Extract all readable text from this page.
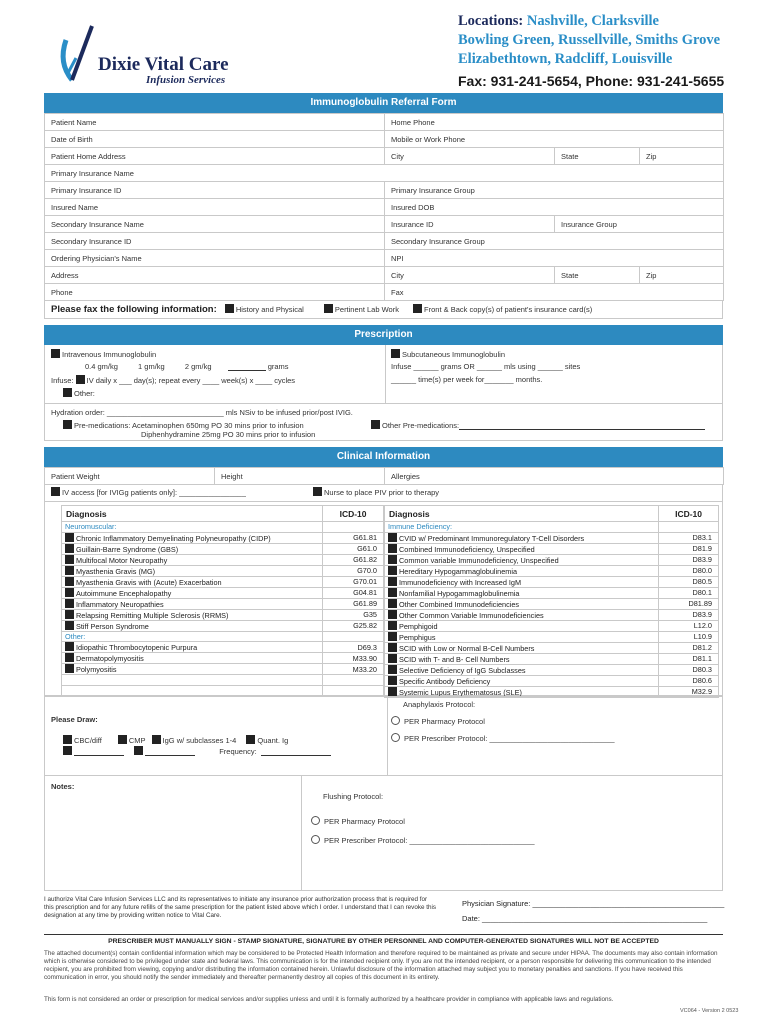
Dixie Vital Care
Infusion Services
Locations: Nashville, Clarksville
Bowling Green, Russellville, Smiths Grove
Elizabethtown, Radcliff, Louisville
Fax: 931-241-5654, Phone: 931-241-5655
Immunoglobulin Referral Form
Patient Name	Home Phone		
Date of Birth	Mobile or Work Phone		
Patient Home Address	City	State	Zip
Primary Insurance Name			
Primary Insurance ID	Primary Insurance Group		
Insured Name	Insured DOB		
Secondary Insurance Name	Insurance ID	Insurance Group	
Secondary Insurance ID	Secondary Insurance Group		
Ordering Physician's Name	NPI		
Address	City	State	Zip
Phone	Fax		
Please fax the following information:	History and Physical	Pertinent Lab Work	Front & Back copy(s) of patient's insurance card(s)
Prescription
Intravenous Immunoglobulin
0.4 gm/kg	1 gm/kg	2 gm/kg	grams
Infuse: IV daily x ___ day(s); repeat every ____ week(s) x ____ cycles
Other:
Subcutaneous Immunoglobulin
Infuse ______ grams OR ______ mls using ______ sites
______ time(s) per week for_______ months.
Hydration order: ____________________________ mls NSiv to be infused prior/post IVIG.
Pre-medications: Acetaminophen 650mg PO 30 mins prior to infusion
Diphenhydramine 25mg PO 30 mins prior to infusion
Other Pre-medications:
Clinical Information
Patient Weight	Height	Allergies
IV access [for IVIGg patients only]: ________________	Nurse to place PIV prior to therapy
Diagnosis	ICD-10
Neuromuscular:	
Chronic Inflammatory Demyelinating Polyneuropathy (CIDP)	G61.81
Guillain-Barre Syndrome (GBS)	G61.0
Multifocal Motor Neuropathy	G61.82
Myasthenia Gravis (MG)	G70.0
Myasthenia Gravis with (Acute) Exacerbation	G70.01
Autoimmune Encephalopathy	G04.81
Inflammatory Neuropathies	G61.89
Relapsing Remitting Multiple Sclerosis (RRMS)	G35
Stiff Person Syndrome	G25.82
Other:	
Idiopathic Thrombocytopenic Purpura	D69.3
Dermatopolymyositis	M33.90
Polymyositis	M33.20

Diagnosis	ICD-10
Immune Deficiency:	
CVID w/ Predominant Immunoregulatory T-Cell Disorders	D83.1
Combined Immunodeficiency, Unspecified	D81.9
Common variable Immunodeficiency, Unspecified	D83.9
Hereditary Hypogammaglobulinemia	D80.0
Immunodeficiency with Increased IgM	D80.5
Nonfamilial Hypogammaglobulinemia	D80.1
Other Combined Immunodeficiencies	D81.89
Other Common Variable Immunodeficiencies	D83.9
Pemphigoid	L12.0
Pemphigus	L10.9
SCID with Low or Normal B-Cell Numbers	D81.2
SCID with T- and B- Cell Numbers	D81.1
Selective Deficiency of IgG Subclasses	D80.3
Specific Antibody Deficiency	D80.6
Systemic Lupus Erythematosus (SLE)	M32.9
Please Draw:
CBC/diff	CMP IgG w/ subclasses 1-4	Quant. Ig
Frequency:
Anaphylaxis Protocol:
PER Pharmacy Protocol
PER Prescriber Protocol: ______________________________
Notes:
Flushing Protocol:
PER Pharmacy Protocol
PER Prescriber Protocol: ______________________________
I authorize Vital Care Infusion Services LLC and its representatives to initiate any insurance prior authorization process that is required for this prescription and for any future refills of the same prescription for the patient listed above which I order. I understand that I can revoke this designation at any time by providing written notice to Vital Care.
Physician Signature: ______________________________________________
Date: ______________________________________________________
PRESCRIBER MUST MANUALLY SIGN - STAMP SIGNATURE, SIGNATURE BY OTHER PERSONNEL AND COMPUTER-GENERATED SIGNATURES WILL NOT BE ACCEPTED
The attached document(s) contain confidential information which may be considered to be Protected Health Information and therefore required to be maintained as private and secure under HIPAA. The documents may also contain information which is otherwise considered to be privileged under state and federal laws. This communication is for the intended recipient only. If you are not the intended recipient, or a person responsible for delivering this communication to the intended recipient, you are prohibited from viewing, copying and/or distributing the information contained herein. Unlawful disclosure of the information attached may subject you to monetary penalties and sanctions. If you have received this communication in error, you should notify the sender immediately and thereafter permanently destroy all copies of this document in its entirety.
This form is not considered an order or prescription for medical services and/or supplies unless and until it is formally authorized by a healthcare provider in compliance with applicable laws and regulations.
VC064 - Version 2 0523
